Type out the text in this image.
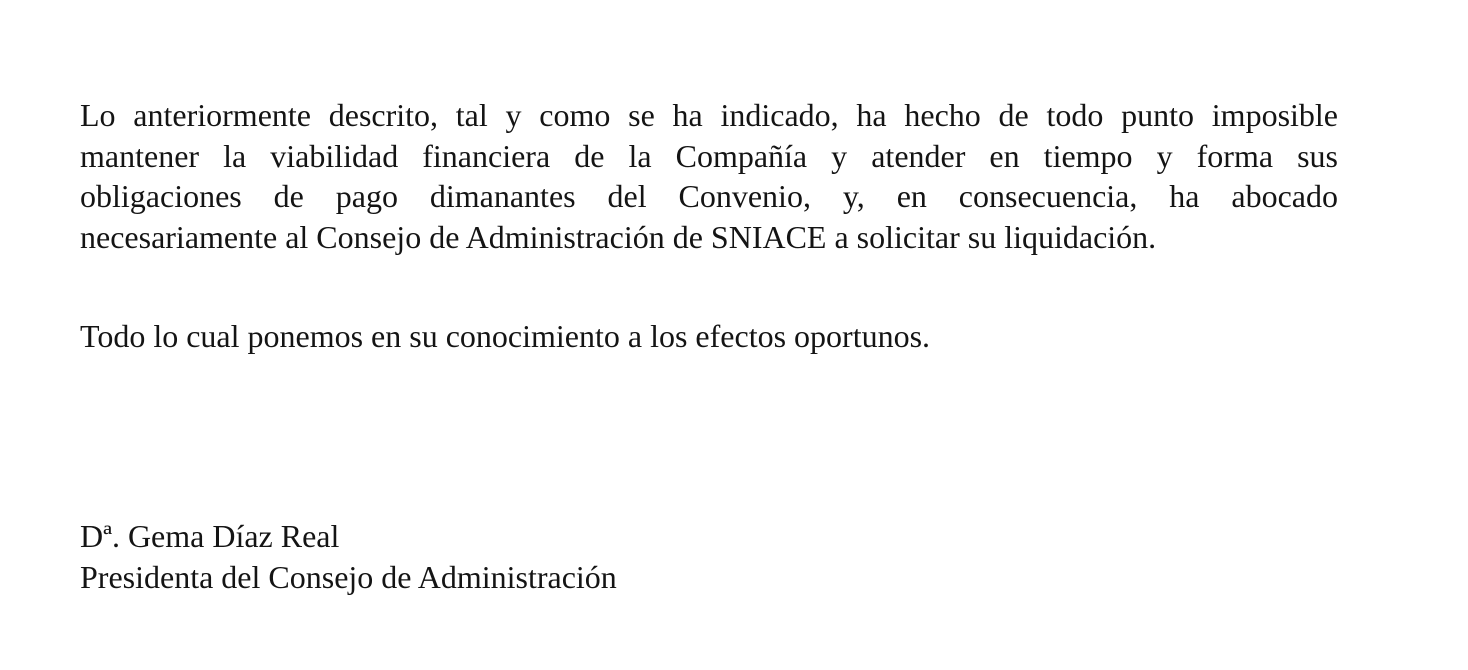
Lo anteriormente descrito, tal y como se ha indicado, ha hecho de todo punto imposible
mantener la viabilidad financiera de la Compañía y atender en tiempo y forma sus
obligaciones de pago dimanantes del Convenio, y, en consecuencia, ha abocado
necesariamente al Consejo de Administración de SNIACE a solicitar su liquidación.

Todo lo cual ponemos en su conocimiento a los efectos oportunos.

Dª. Gema Díaz Real
Presidenta del Consejo de Administración
